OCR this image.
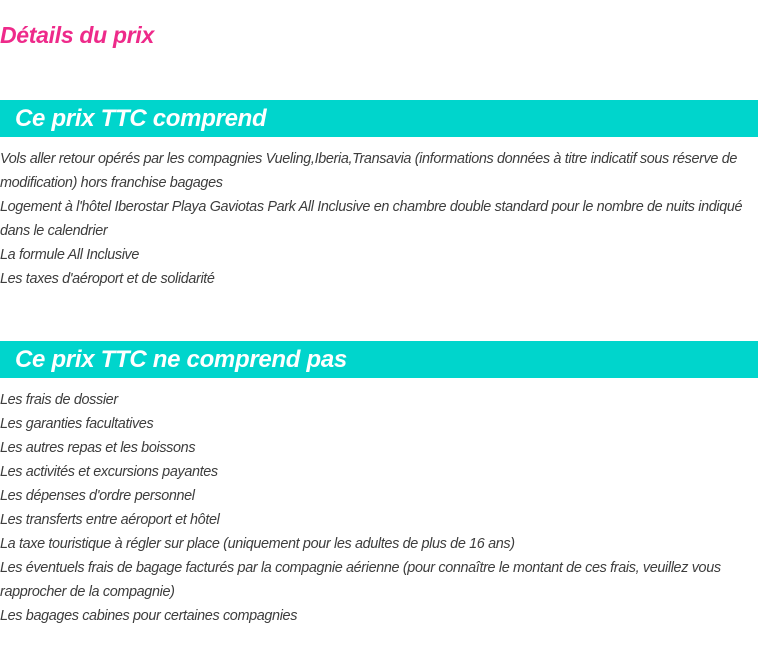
Détails du prix
Ce prix TTC comprend
Vols aller retour opérés par les compagnies Vueling,Iberia,Transavia (informations données à titre indicatif sous réserve de modification) hors franchise bagages
Logement à l'hôtel Iberostar Playa Gaviotas Park All Inclusive en chambre double standard pour le nombre de nuits indiqué dans le calendrier
La formule All Inclusive
Les taxes d'aéroport et de solidarité
Ce prix TTC ne comprend pas
Les frais de dossier
Les garanties facultatives
Les autres repas et les boissons
Les activités et excursions payantes
Les dépenses d'ordre personnel
Les transferts entre aéroport et hôtel
La taxe touristique à régler sur place (uniquement pour les adultes de plus de 16 ans)
Les éventuels frais de bagage facturés par la compagnie aérienne (pour connaître le montant de ces frais, veuillez vous rapprocher de la compagnie)
Les bagages cabines pour certaines compagnies
